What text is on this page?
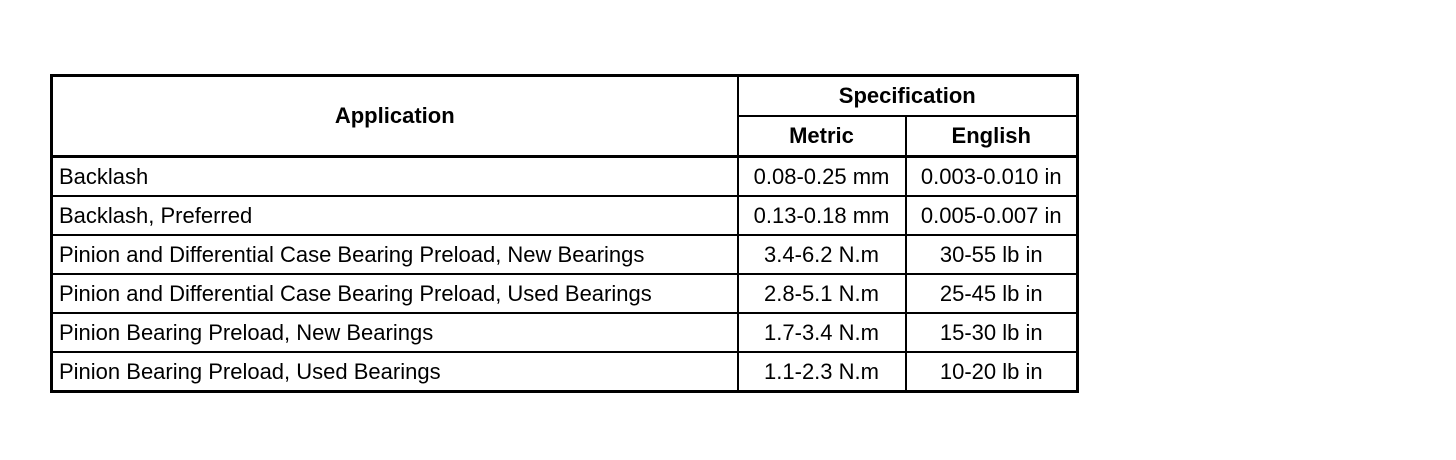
Application	Specification	
	Metric	English
Backlash	0.08-0.25 mm	0.003-0.010 in
Backlash, Preferred	0.13-0.18 mm	0.005-0.007 in
Pinion and Differential Case Bearing Preload, New Bearings	3.4-6.2 N.m	30-55 lb in
Pinion and Differential Case Bearing Preload, Used Bearings	2.8-5.1 N.m	25-45 lb in
Pinion Bearing Preload, New Bearings	1.7-3.4 N.m	15-30 lb in
Pinion Bearing Preload, Used Bearings	1.1-2.3 N.m	10-20 lb in
